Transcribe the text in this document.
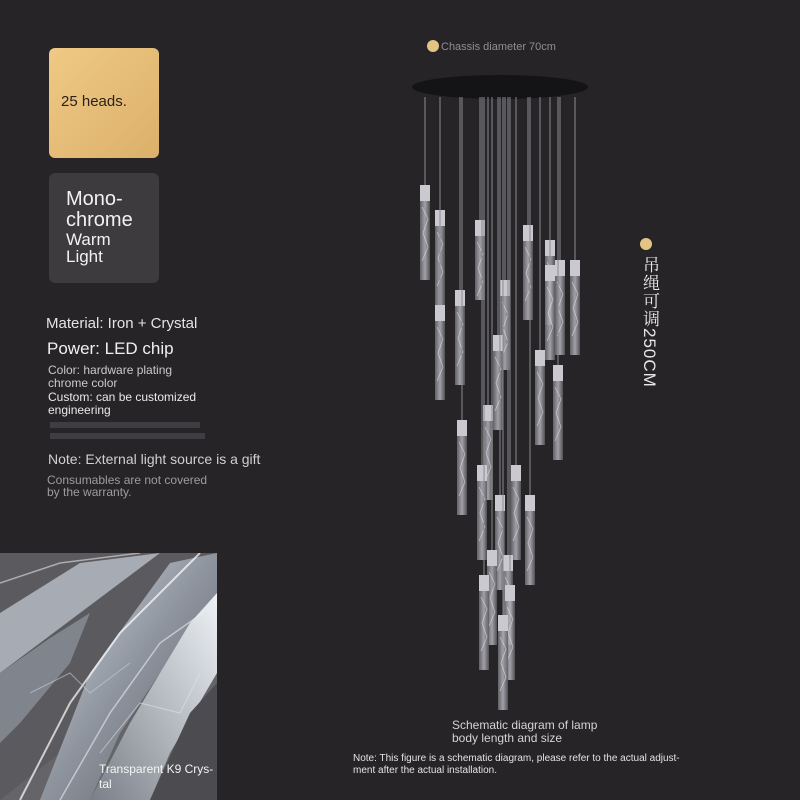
25 heads.
Mono-
chrome
Warm
Light
Material: Iron + Crystal
Power: LED chip
Color: hardware plating
chrome color
Custom: can be customized
engineering
Note: External light source is a gift
Consumables are not covered
by the warranty.
Transparent K9 Crys-
tal
Chassis diameter 70cm
吊绳可调250CM
Schematic diagram of lamp
body length and size
Note: This figure is a schematic diagram, please refer to the actual adjust-
ment after the actual installation.
